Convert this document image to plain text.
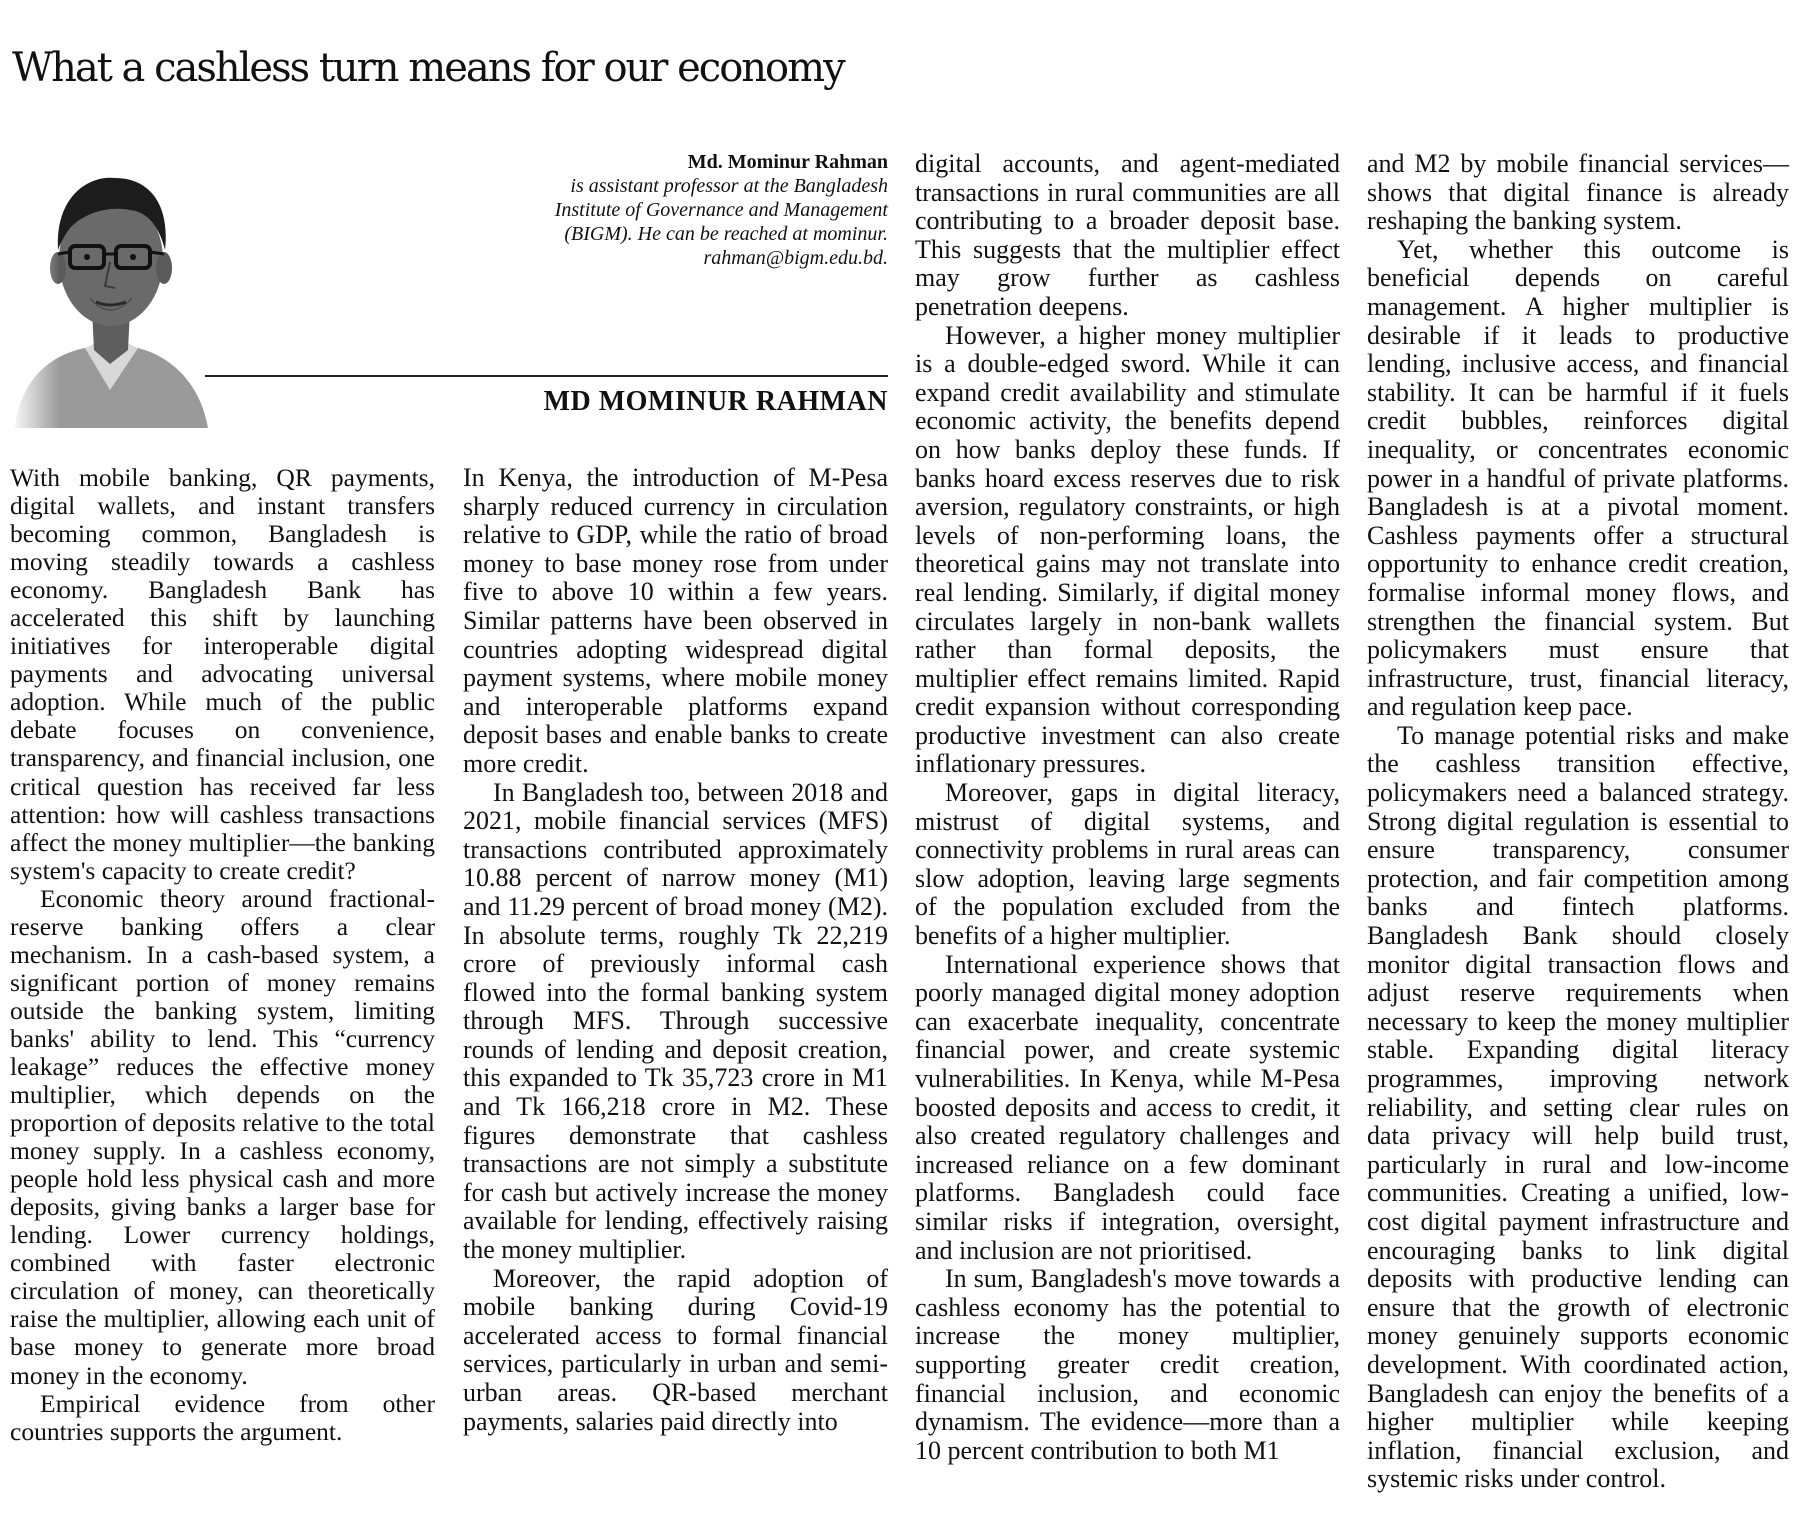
What a cashless turn means for our economy
Md. Mominur Rahman
is assistant professor at the Bangladesh
Institute of Governance and Management
(BIGM). He can be reached at mominur.
rahman@bigm.edu.bd.
MD MOMINUR RAHMAN

With mobile banking, QR payments, digital wallets, and instant transfers becoming common, Bangladesh is moving steadily towards a cashless economy. Bangladesh Bank has accelerated this shift by launching initiatives for interoperable digital payments and advocating universal adoption. While much of the public debate focuses on convenience, transparency, and financial inclusion, one critical question has received far less attention: how will cashless transactions affect the money multiplier—the banking system's capacity to create credit?

Economic theory around fractional-reserve banking offers a clear mechanism. In a cash-based system, a significant portion of money remains outside the banking system, limiting banks' ability to lend. This “currency leakage” reduces the effective money multiplier, which depends on the proportion of deposits relative to the total money supply. In a cashless economy, people hold less physical cash and more deposits, giving banks a larger base for lending. Lower currency holdings, combined with faster electronic circulation of money, can theoretically raise the multiplier, allowing each unit of base money to generate more broad money in the economy.

Empirical evidence from other countries supports the argument.

In Kenya, the introduction of M-Pesa sharply reduced currency in circulation relative to GDP, while the ratio of broad money to base money rose from under five to above 10 within a few years. Similar patterns have been observed in countries adopting widespread digital payment systems, where mobile money and interoperable platforms expand deposit bases and enable banks to create more credit.

In Bangladesh too, between 2018 and 2021, mobile financial services (MFS) transactions contributed approximately 10.88 percent of narrow money (M1) and 11.29 percent of broad money (M2). In absolute terms, roughly Tk 22,219 crore of previously informal cash flowed into the formal banking system through MFS. Through successive rounds of lending and deposit creation, this expanded to Tk 35,723 crore in M1 and Tk 166,218 crore in M2. These figures demonstrate that cashless transactions are not simply a substitute for cash but actively increase the money available for lending, effectively raising the money multiplier.

Moreover, the rapid adoption of mobile banking during Covid-19 accelerated access to formal financial services, particularly in urban and semi-urban areas. QR-based merchant payments, salaries paid directly into

digital accounts, and agent-mediated transactions in rural communities are all contributing to a broader deposit base. This suggests that the multiplier effect may grow further as cashless penetration deepens.

However, a higher money multiplier is a double-edged sword. While it can expand credit availability and stimulate economic activity, the benefits depend on how banks deploy these funds. If banks hoard excess reserves due to risk aversion, regulatory constraints, or high levels of non-performing loans, the theoretical gains may not translate into real lending. Similarly, if digital money circulates largely in non-bank wallets rather than formal deposits, the multiplier effect remains limited. Rapid credit expansion without corresponding productive investment can also create inflationary pressures.

Moreover, gaps in digital literacy, mistrust of digital systems, and connectivity problems in rural areas can slow adoption, leaving large segments of the population excluded from the benefits of a higher multiplier.

International experience shows that poorly managed digital money adoption can exacerbate inequality, concentrate financial power, and create systemic vulnerabilities. In Kenya, while M-Pesa boosted deposits and access to credit, it also created regulatory challenges and increased reliance on a few dominant platforms. Bangladesh could face similar risks if integration, oversight, and inclusion are not prioritised.

In sum, Bangladesh's move towards a cashless economy has the potential to increase the money multiplier, supporting greater credit creation, financial inclusion, and economic dynamism. The evidence—more than a 10 percent contribution to both M1

and M2 by mobile financial services—shows that digital finance is already reshaping the banking system.

Yet, whether this outcome is beneficial depends on careful management. A higher multiplier is desirable if it leads to productive lending, inclusive access, and financial stability. It can be harmful if it fuels credit bubbles, reinforces digital inequality, or concentrates economic power in a handful of private platforms. Bangladesh is at a pivotal moment. Cashless payments offer a structural opportunity to enhance credit creation, formalise informal money flows, and strengthen the financial system. But policymakers must ensure that infrastructure, trust, financial literacy, and regulation keep pace.

To manage potential risks and make the cashless transition effective, policymakers need a balanced strategy. Strong digital regulation is essential to ensure transparency, consumer protection, and fair competition among banks and fintech platforms. Bangladesh Bank should closely monitor digital transaction flows and adjust reserve requirements when necessary to keep the money multiplier stable. Expanding digital literacy programmes, improving network reliability, and setting clear rules on data privacy will help build trust, particularly in rural and low-income communities. Creating a unified, low-cost digital payment infrastructure and encouraging banks to link digital deposits with productive lending can ensure that the growth of electronic money genuinely supports economic development. With coordinated action, Bangladesh can enjoy the benefits of a higher multiplier while keeping inflation, financial exclusion, and systemic risks under control.
